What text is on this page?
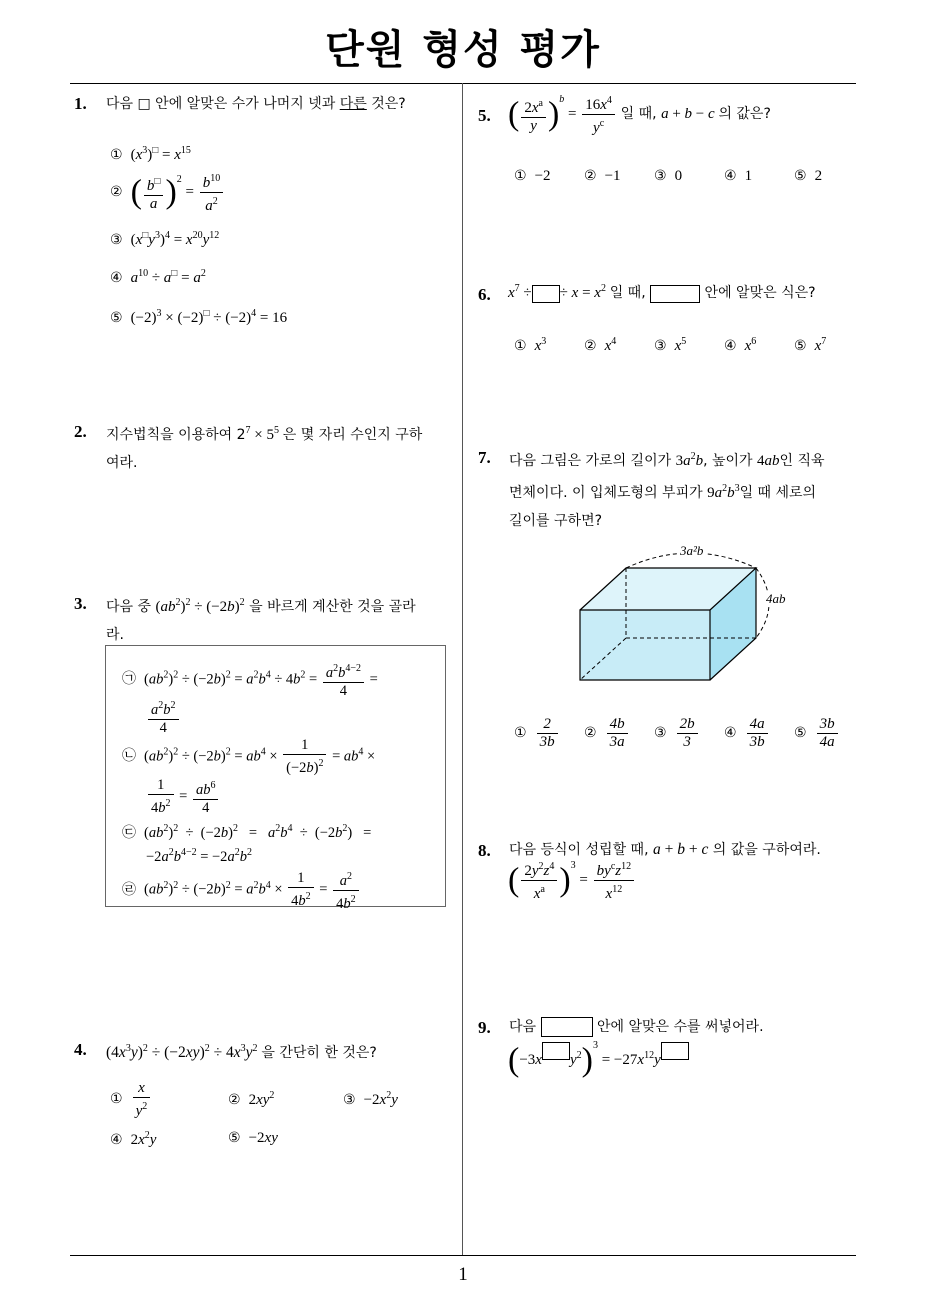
단원 형성 평가
1
1. 다음 □ 안에 알맞은 수가 나머지 넷과 다른 것은?
① $(x^3)^□ = x^{15}$
② ( $\frac{b^□}{a} )^2 = \frac{b^{10}}{a^2}$
③ $(x^□y^3)^4 = x^{20}y^{12}$
④ $a^{10} \div a^□ = a^2$
⑤ $(-2)^3 \times (-2)^□ \div (-2)^4 = 16$
2. 지수법칙을 이용하여 $2^7 \times 5^5$ 은 몇 자리 수인지 구하
여라.
3. 다음 중 $(ab^2)^2 \div (-2b)^2$ 을 바르게 계산한 것을 골라
라.
㉠ $(ab^2)^2 \div (-2b)^2 = a^2b^4 \div 4b^2 = \frac{a^2b^{4-2}}{4}$ =
$\frac{a^2b^2}{4}$
㉡ $(ab^2)^2 \div (-2b)^2 = ab^4 \times \frac{1}{(-2b)^2} = ab^4$ ×
$\frac{1}{4b^2} = \frac{ab^6}{4}$
㉢ $(ab^2)^2 \div (-2b)^2 = a^2b^4 \div (-2b^2)$   =
$-2a^2b^{4-2} = -2a^2b^2$
㉣ $(ab^2)^2 \div (-2b)^2 = a^2b^4 \times \frac{1}{4b^2} = \frac{a^2}{4b^2}$
4. $(4x^3y)^2 \div (-2xy)^2 \div 4x^3y^2$ 을 간단히 한 것은?
① $\frac{x}{y^2}$	② $2xy^2$	③ $-2x^2y$
④ $2x^2y$	⑤ −2xy
5. ( $\frac{2x^a}{y} )^b = \frac{16x^4}{y^c}$ 일 때, a + b − c 의 값은?
① −2 ② −1 ③ 0	④ 1	⑤ 2
6. $x^7$ ÷ ÷ $x = x^2$ 일 때,	안에 알맞은 식은?
① $x^3$	② $x^4$	③ $x^5$	④ $x^6$	⑤ $x^7$
7. 다음 그림은 가로의 길이가 $3a^2b$, 높이가 4ab인 직육
면체이다. 이 입체도형의 부피가 $9a^2b^3$일 때 세로의
길이를 구하면?
3a²b
4ab
① $\frac{2}{3b}$ ② $\frac{4b}{3a}$ ③ $\frac{2b}{3}$ ④ $\frac{4a}{3b}$ ⑤ $\frac{3b}{4a}$
8. 다음 등식이 성립할 때, a + b + c 의 값을 구하여라.
( $\frac{2y^2z^4}{x^a} )^3 = \frac{by^cz^{12}}{x^{12}}$
9. 다음	안에 알맞은 수를 써넣어라.
(−3x $y^2)^3 = -27x^{12}y$
